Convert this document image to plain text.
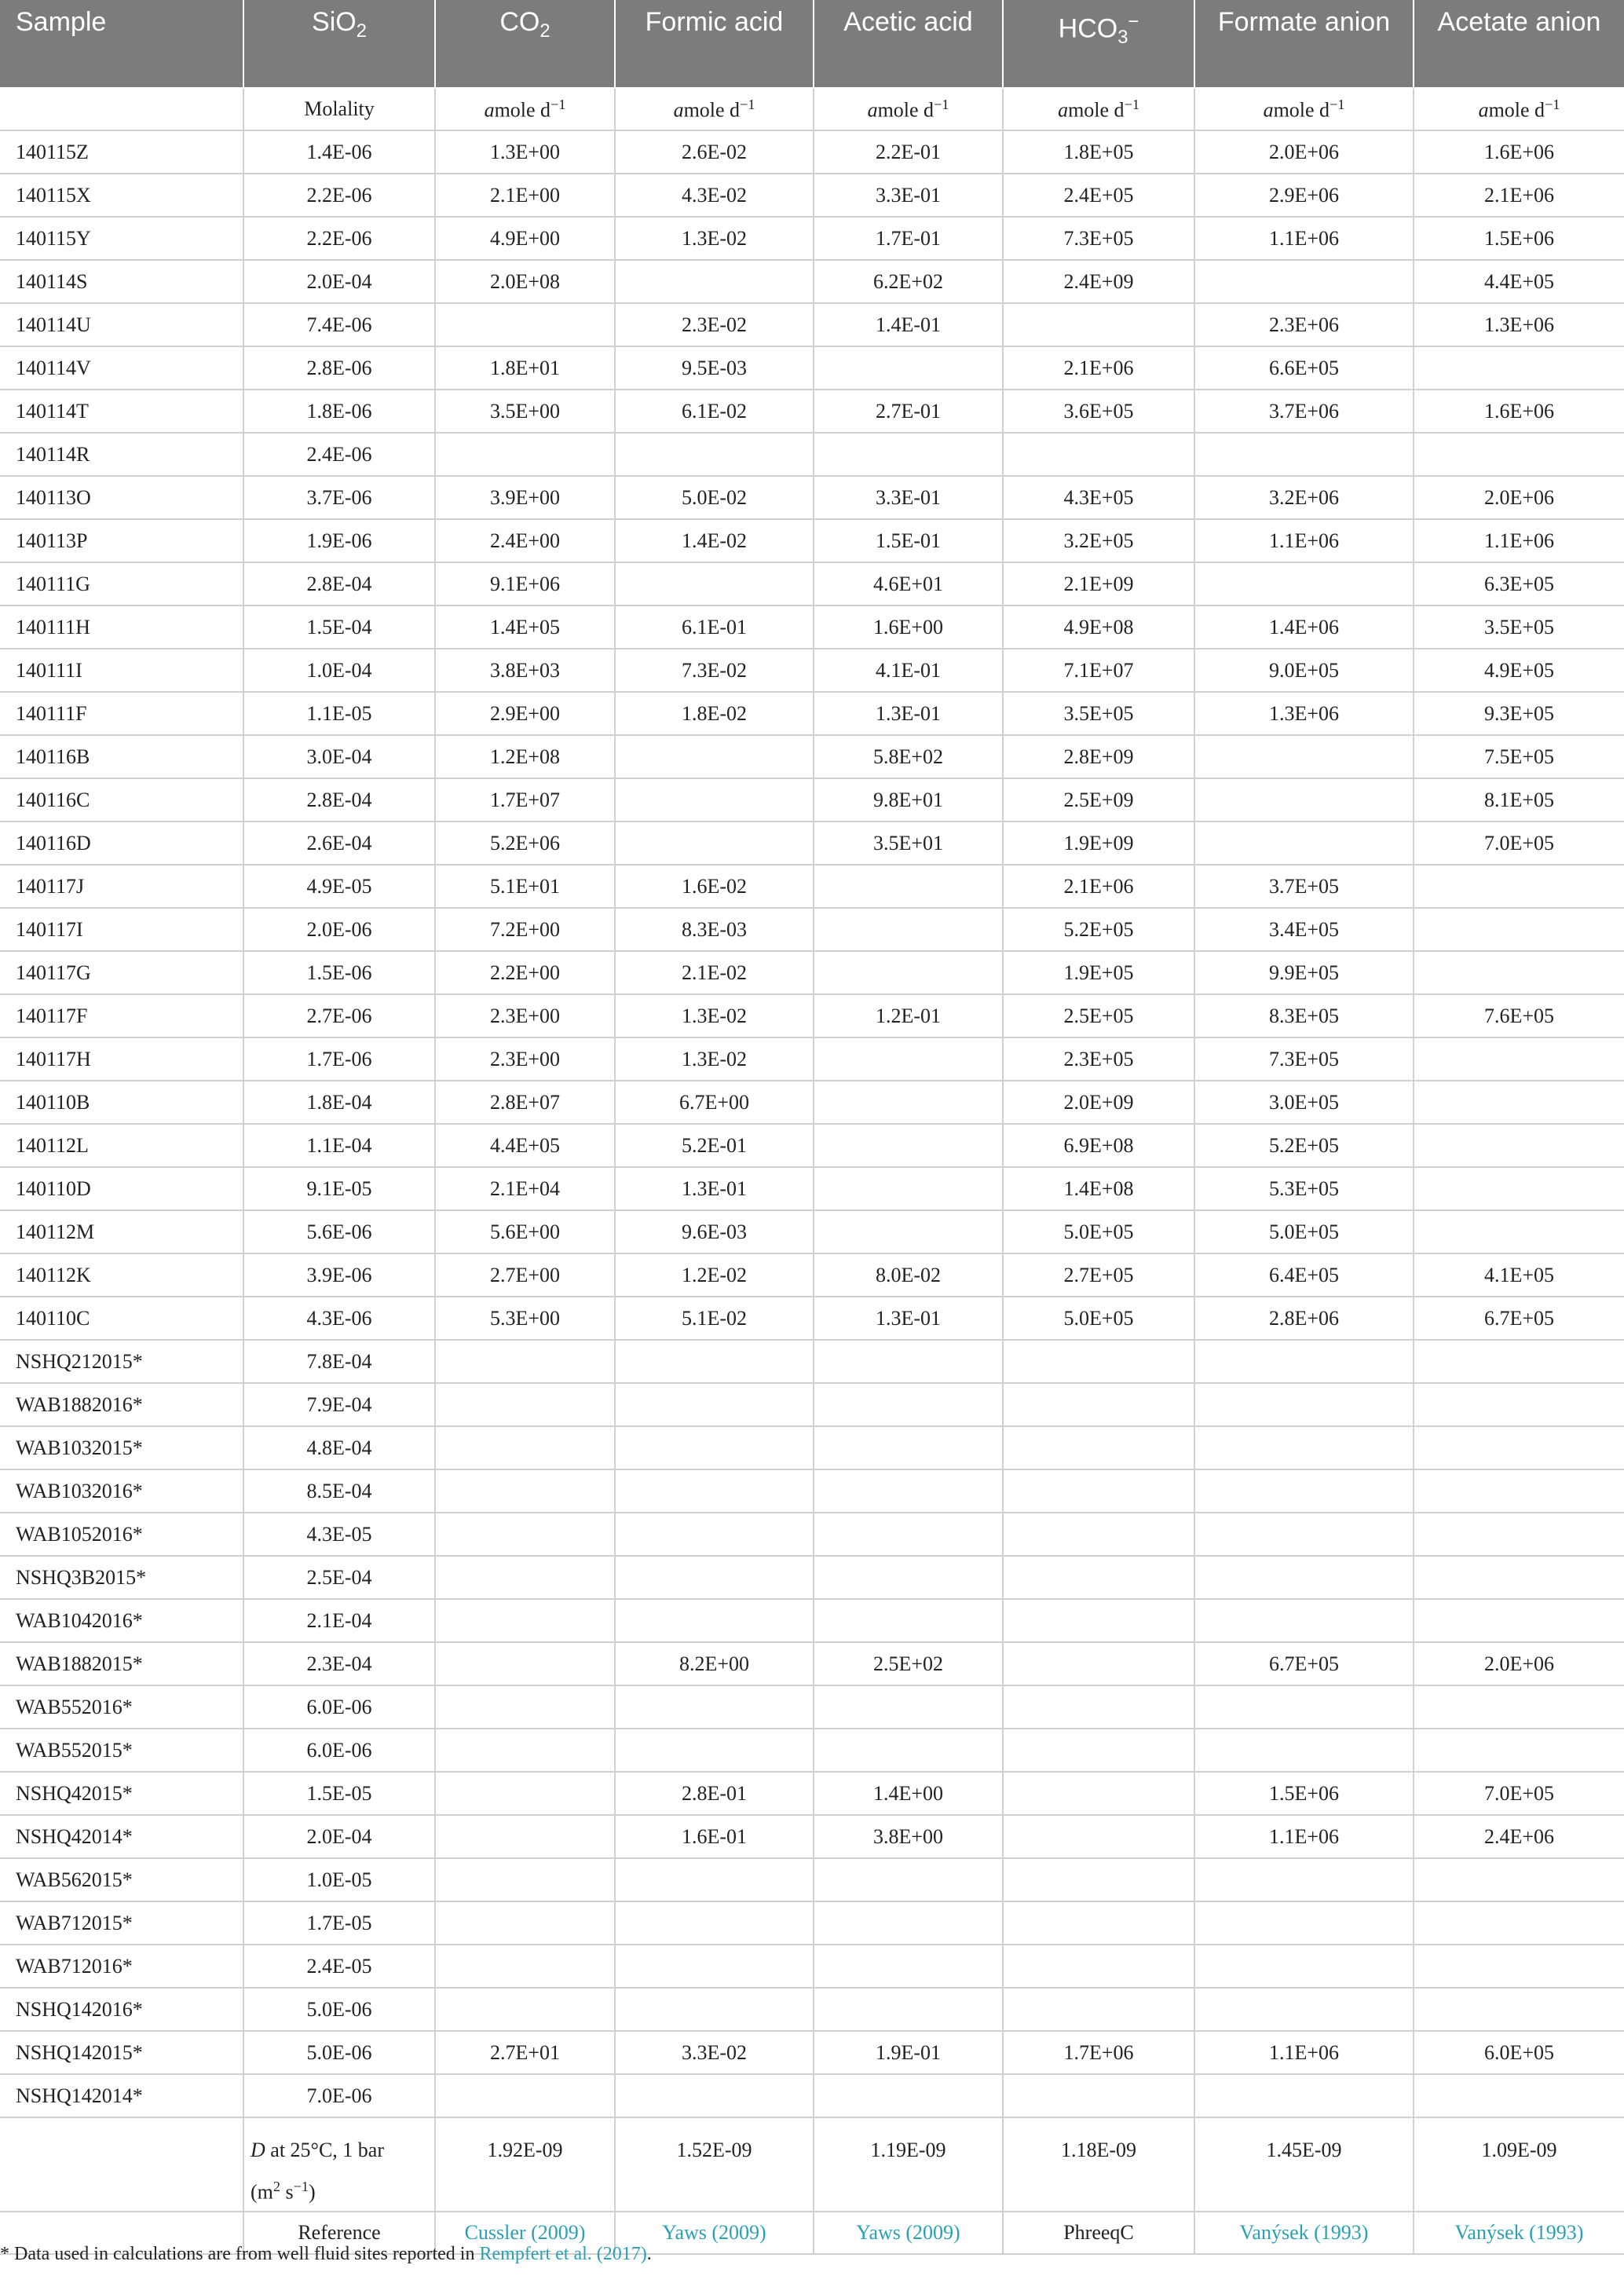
Sample	SiO$_2$	$CO_2$	Formic acid	Acetic acid	$HCO_3^-$	Formate anion	Acetate anion
	Molality	amole $d^{-1}$	amole $d^{-1}$	amole $d^{-1}$	amole $d^{-1}$	amole $d^{-1}$	amole $d^{-1}$
140115Z	1.4E-06	1.3E+00	2.6E-02	2.2E-01	1.8E+05	2.0E+06	1.6E+06
140115X	2.2E-06	2.1E+00	4.3E-02	3.3E-01	2.4E+05	2.9E+06	2.1E+06
140115Y	2.2E-06	4.9E+00	1.3E-02	1.7E-01	7.3E+05	1.1E+06	1.5E+06
140114S	2.0E-04	2.0E+08		6.2E+02	2.4E+09		4.4E+05
140114U	7.4E-06		2.3E-02	1.4E-01		2.3E+06	1.3E+06
140114V	2.8E-06	1.8E+01	9.5E-03		2.1E+06	6.6E+05	
140114T	1.8E-06	3.5E+00	6.1E-02	2.7E-01	3.6E+05	3.7E+06	1.6E+06
140114R	2.4E-06						
140113O	3.7E-06	3.9E+00	5.0E-02	3.3E-01	4.3E+05	3.2E+06	2.0E+06
140113P	1.9E-06	2.4E+00	1.4E-02	1.5E-01	3.2E+05	1.1E+06	1.1E+06
140111G	2.8E-04	9.1E+06		4.6E+01	2.1E+09		6.3E+05
140111H	1.5E-04	1.4E+05	6.1E-01	1.6E+00	4.9E+08	1.4E+06	3.5E+05
140111I	1.0E-04	3.8E+03	7.3E-02	4.1E-01	7.1E+07	9.0E+05	4.9E+05
140111F	1.1E-05	2.9E+00	1.8E-02	1.3E-01	3.5E+05	1.3E+06	9.3E+05
140116B	3.0E-04	1.2E+08		5.8E+02	2.8E+09		7.5E+05
140116C	2.8E-04	1.7E+07		9.8E+01	2.5E+09		8.1E+05
140116D	2.6E-04	5.2E+06		3.5E+01	1.9E+09		7.0E+05
140117J	4.9E-05	5.1E+01	1.6E-02		2.1E+06	3.7E+05	
140117I	2.0E-06	7.2E+00	8.3E-03		5.2E+05	3.4E+05	
140117G	1.5E-06	2.2E+00	2.1E-02		1.9E+05	9.9E+05	
140117F	2.7E-06	2.3E+00	1.3E-02	1.2E-01	2.5E+05	8.3E+05	7.6E+05
140117H	1.7E-06	2.3E+00	1.3E-02		2.3E+05	7.3E+05	
140110B	1.8E-04	2.8E+07	6.7E+00		2.0E+09	3.0E+05	
140112L	1.1E-04	4.4E+05	5.2E-01		6.9E+08	5.2E+05	
140110D	9.1E-05	2.1E+04	1.3E-01		1.4E+08	5.3E+05	
140112M	5.6E-06	5.6E+00	9.6E-03		5.0E+05	5.0E+05	
140112K	3.9E-06	2.7E+00	1.2E-02	8.0E-02	2.7E+05	6.4E+05	4.1E+05
140110C	4.3E-06	5.3E+00	5.1E-02	1.3E-01	5.0E+05	2.8E+06	6.7E+05
NSHQ212015*	7.8E-04						
WAB1882016*	7.9E-04						
WAB1032015*	4.8E-04						
WAB1032016*	8.5E-04						
WAB1052016*	4.3E-05						
NSHQ3B2015*	2.5E-04						
WAB1042016*	2.1E-04						
WAB1882015*	2.3E-04		8.2E+00	2.5E+02		6.7E+05	2.0E+06
WAB552016*	6.0E-06						
WAB552015*	6.0E-06						
NSHQ42015*	1.5E-05		2.8E-01	1.4E+00		1.5E+06	7.0E+05
NSHQ42014*	2.0E-04		1.6E-01	3.8E+00		1.1E+06	2.4E+06
WAB562015*	1.0E-05						
WAB712015*	1.7E-05						
WAB712016*	2.4E-05						
NSHQ142016*	5.0E-06						
NSHQ142015*	5.0E-06	2.7E+01	3.3E-02	1.9E-01	1.7E+06	1.1E+06	6.0E+05
NSHQ142014*	7.0E-06						
	D at 25°C, 1 bar
($m^2$ $s^{-1}$)	1.92E-09	1.52E-09	1.19E-09	1.18E-09	1.45E-09	1.09E-09
	Reference	Cussler (2009)	Yaws (2009)	Yaws (2009)	PhreeqC	Vanýsek (1993)	Vanýsek (1993)
* Data used in calculations are from well fluid sites reported in Rempfert et al. (2017).
